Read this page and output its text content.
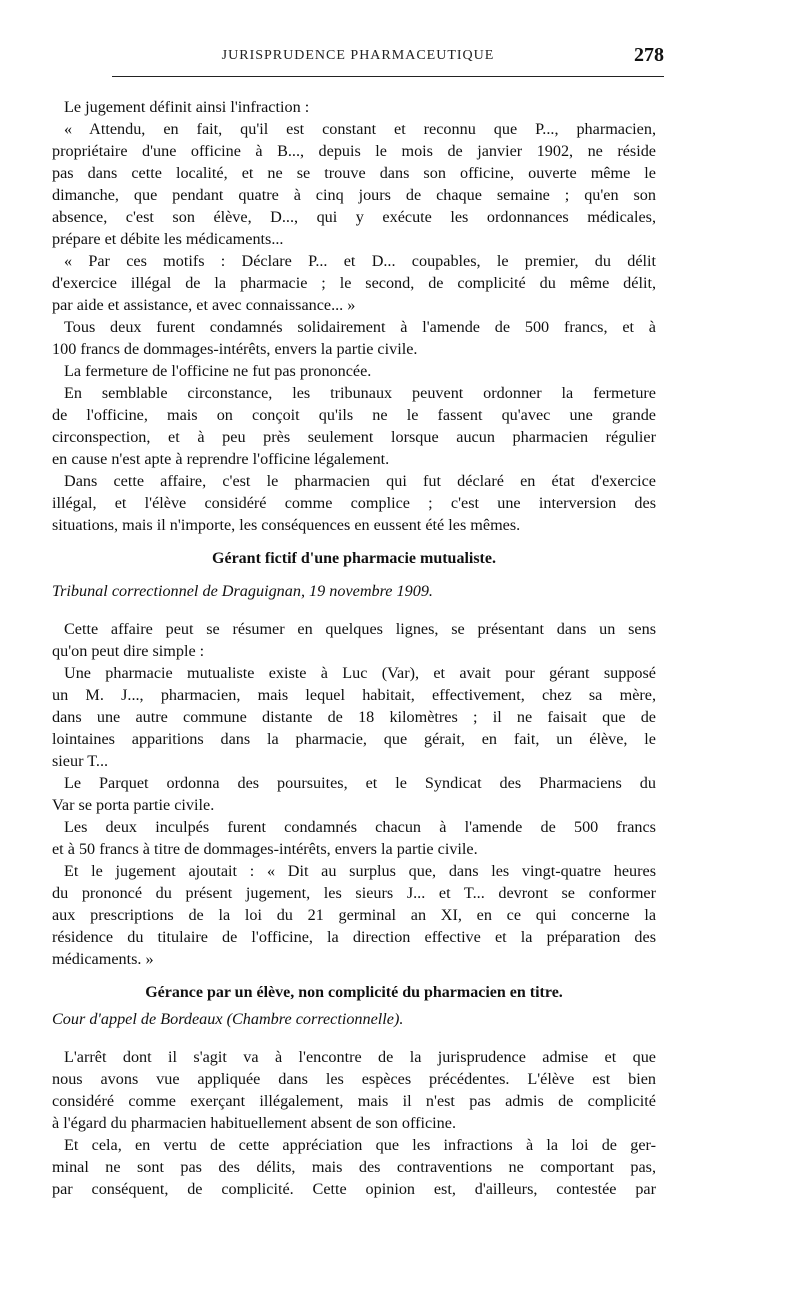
JURISPRUDENCE PHARMACEUTIQUE	278

Le jugement définit ainsi l'infraction :

« Attendu, en fait, qu'il est constant et reconnu que P..., pharmacien,
propriétaire d'une officine à B..., depuis le mois de janvier 1902, ne réside
pas dans cette localité, et ne se trouve dans son officine, ouverte même le
dimanche, que pendant quatre à cinq jours de chaque semaine ; qu'en son
absence, c'est son élève, D..., qui y exécute les ordonnances médicales,
prépare et débite les médicaments...

« Par ces motifs : Déclare P... et D... coupables, le premier, du délit
d'exercice illégal de la pharmacie ; le second, de complicité du même délit,
par aide et assistance, et avec connaissance... »

Tous deux furent condamnés solidairement à l'amende de 500 francs, et à
100 francs de dommages-intérêts, envers la partie civile.

La fermeture de l'officine ne fut pas prononcée.

En semblable circonstance, les tribunaux peuvent ordonner la fermeture
de l'officine, mais on conçoit qu'ils ne le fassent qu'avec une grande
circonspection, et à peu près seulement lorsque aucun pharmacien régulier
en cause n'est apte à reprendre l'officine légalement.

Dans cette affaire, c'est le pharmacien qui fut déclaré en état d'exercice
illégal, et l'élève considéré comme complice ; c'est une interversion des
situations, mais il n'importe, les conséquences en eussent été les mêmes.

Gérant fictif d'une pharmacie mutualiste.

Tribunal correctionnel de Draguignan, 19 novembre 1909.

Cette affaire peut se résumer en quelques lignes, se présentant dans un sens
qu'on peut dire simple :

Une pharmacie mutualiste existe à Luc (Var), et avait pour gérant supposé
un M. J..., pharmacien, mais lequel habitait, effectivement, chez sa mère,
dans une autre commune distante de 18 kilomètres ; il ne faisait que de
lointaines apparitions dans la pharmacie, que gérait, en fait, un élève, le
sieur T...

Le Parquet ordonna des poursuites, et le Syndicat des Pharmaciens du
Var se porta partie civile.

Les deux inculpés furent condamnés chacun à l'amende de 500 francs
et à 50 francs à titre de dommages-intérêts, envers la partie civile.

Et le jugement ajoutait : « Dit au surplus que, dans les vingt-quatre heures
du prononcé du présent jugement, les sieurs J... et T... devront se conformer
aux prescriptions de la loi du 21 germinal an XI, en ce qui concerne la
résidence du titulaire de l'officine, la direction effective et la préparation des
médicaments. »

Gérance par un élève, non complicité du pharmacien en titre.

Cour d'appel de Bordeaux (Chambre correctionnelle).

L'arrêt dont il s'agit va à l'encontre de la jurisprudence admise et que
nous avons vue appliquée dans les espèces précédentes. L'élève est bien
considéré comme exerçant illégalement, mais il n'est pas admis de complicité
à l'égard du pharmacien habituellement absent de son officine.

Et cela, en vertu de cette appréciation que les infractions à la loi de ger-
minal ne sont pas des délits, mais des contraventions ne comportant pas,
par conséquent, de complicité. Cette opinion est, d'ailleurs, contestée par
